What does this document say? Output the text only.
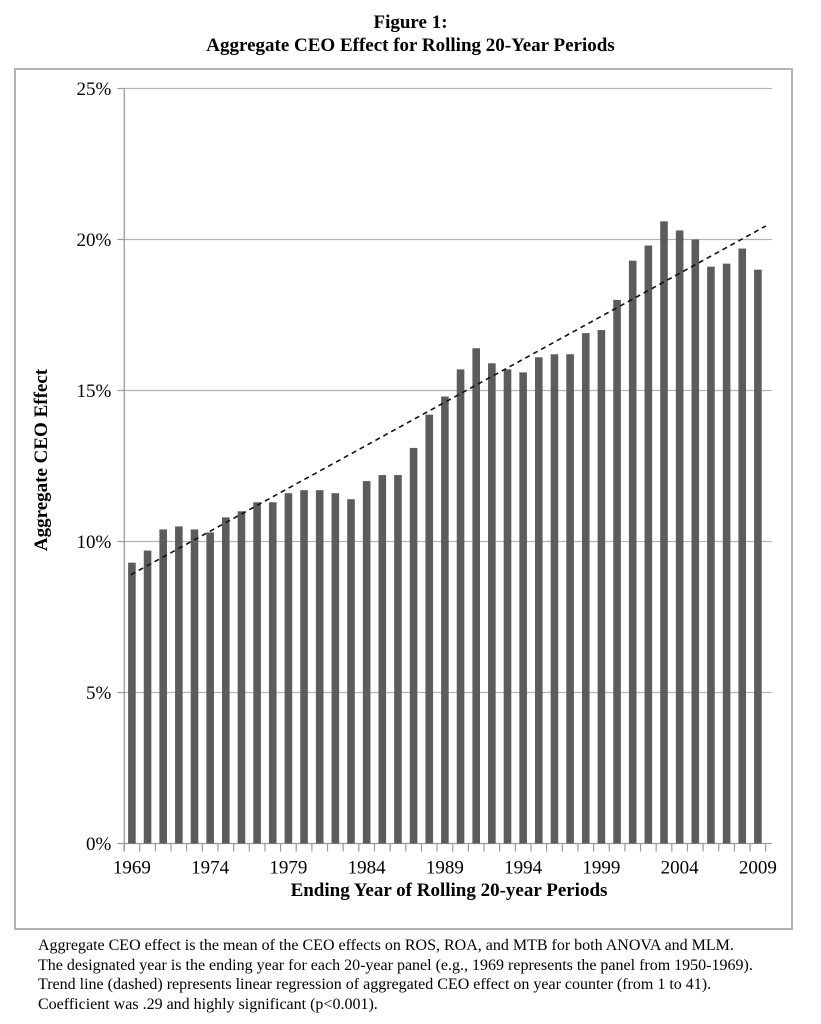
Figure 1:
Aggregate CEO Effect for Rolling 20-Year Periods
0%
5%
10%
15%
20%
25%
1969 1974 1979 1984 1989 1994 1999 2004 2009
Aggregate CEO Effect
Ending Year of Rolling 20-year Periods
Aggregate CEO effect is the mean of the CEO effects on ROS, ROA, and MTB for both ANOVA and MLM.
The designated year is the ending year for each 20-year panel (e.g., 1969 represents the panel from 1950-1969).
Trend line (dashed) represents linear regression of aggregated CEO effect on year counter (from 1 to 41).
Coefficient was .29 and highly significant (p<0.001).
